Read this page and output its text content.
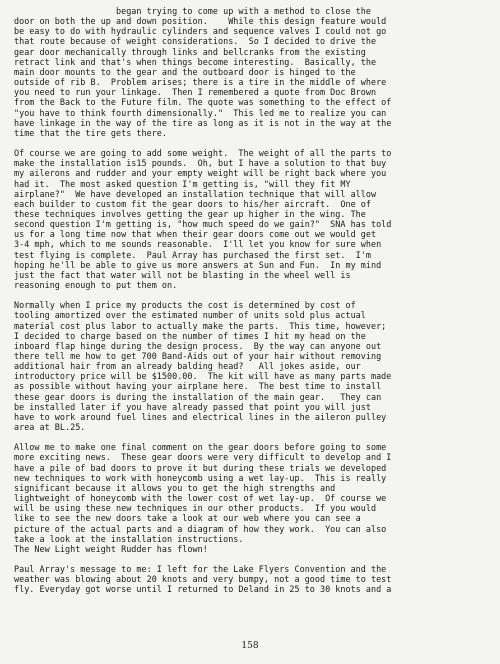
began trying to come up with a method to close the
door on both the up and down position.    While this design feature would
be easy to do with hydraulic cylinders and sequence valves I could not go
that route because of weight considerations.  So I decided to drive the
gear door mechanically through links and bellcranks from the existing
retract link and that's when things become interesting.  Basically, the
main door mounts to the gear and the outboard door is hinged to the
outside of rib B.  Problem arises; there is a tire in the middle of where
you need to run your linkage.  Then I remembered a quote from Doc Brown
from the Back to the Future film. The quote was something to the effect of
"you have to think fourth dimensionally."  This led me to realize you can
have linkage in the way of the tire as long as it is not in the way at the
time that the tire gets there.

Of course we are going to add some weight.  The weight of all the parts to
make the installation is15 pounds.  Oh, but I have a solution to that buy
my ailerons and rudder and your empty weight will be right back where you
had it.  The most asked question I'm getting is, "will they fit MY
airplane?"  We have developed an installation technique that will allow
each builder to custom fit the gear doors to his/her aircraft.  One of
these techniques involves getting the gear up higher in the wing. The
second question I'm getting is, "how much speed do we gain?"  SNA has told
us for a long time now that when their gear doors come out we would get
3-4 mph, which to me sounds reasonable.  I'll let you know for sure when
test flying is complete.  Paul Array has purchased the first set.  I'm
hoping he'll be able to give us more answers at Sun and Fun.  In my mind
just the fact that water will not be blasting in the wheel well is
reasoning enough to put them on.

Normally when I price my products the cost is determined by cost of
tooling amortized over the estimated number of units sold plus actual
material cost plus labor to actually make the parts.  This time, however;
I decided to charge based on the number of times I hit my head on the
inboard flap hinge during the design process.  By the way can anyone out
there tell me how to get 700 Band-Aids out of your hair without removing
additional hair from an already balding head?   All jokes aside, our
introductory price will be $1500.00.  The kit will have as many parts made
as possible without having your airplane here.  The best time to install
these gear doors is during the installation of the main gear.   They can
be installed later if you have already passed that point you will just
have to work around fuel lines and electrical lines in the aileron pulley
area at BL.25.

Allow me to make one final comment on the gear doors before going to some
more exciting news.  These gear doors were very difficult to develop and I
have a pile of bad doors to prove it but during these trials we developed
new techniques to work with honeycomb using a wet lay-up.  This is really
significant because it allows you to get the high strengths and
lightweight of honeycomb with the lower cost of wet lay-up.  Of course we
will be using these new techniques in our other products.  If you would
like to see the new doors take a look at our web where you can see a
picture of the actual parts and a diagram of how they work.  You can also
take a look at the installation instructions.
The New Light weight Rudder has flown!

Paul Array's message to me: I left for the Lake Flyers Convention and the
weather was blowing about 20 knots and very bumpy, not a good time to test
fly. Everyday got worse until I returned to Deland in 25 to 30 knots and a

158
